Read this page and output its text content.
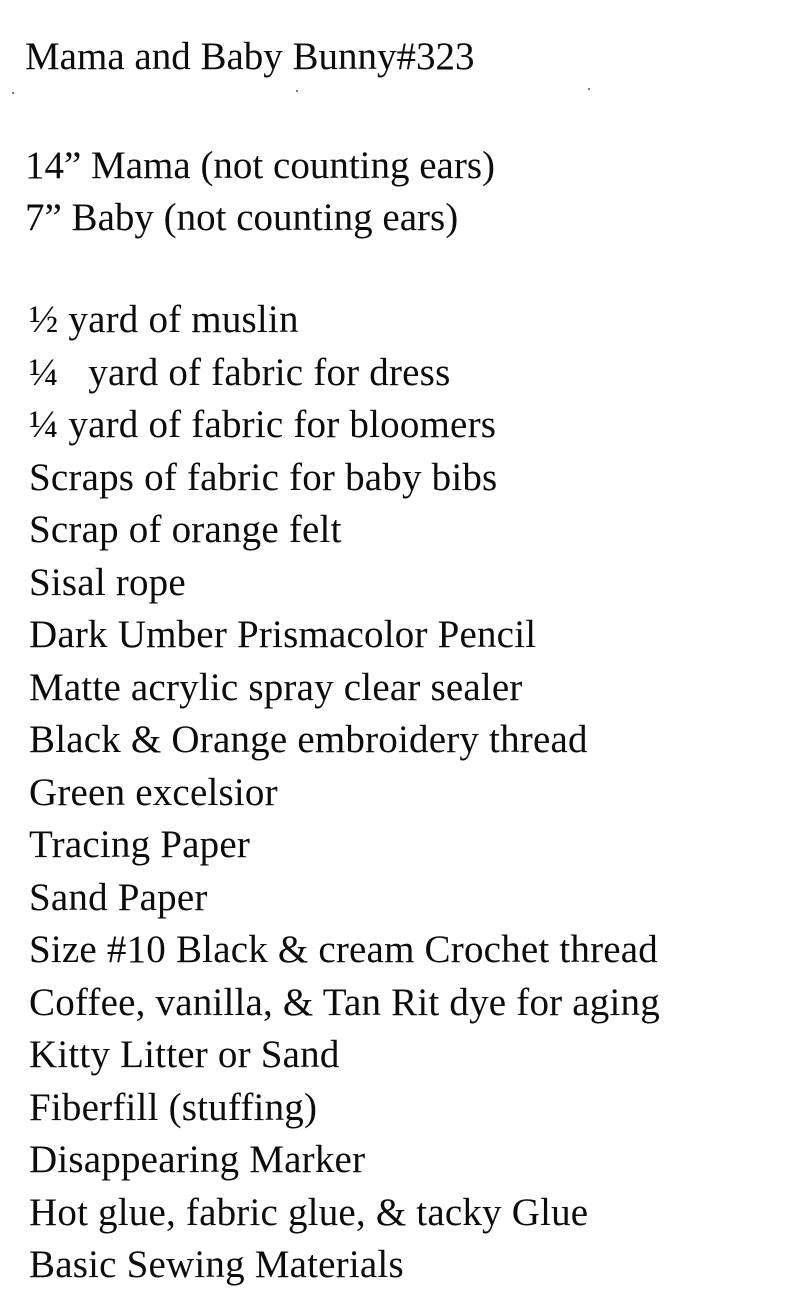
Mama and Baby Bunny#323
14” Mama (not counting ears)
7” Baby (not counting ears)
½ yard of muslin
¼   yard of fabric for dress
¼ yard of fabric for bloomers
Scraps of fabric for baby bibs
Scrap of orange felt
Sisal rope
Dark Umber Prismacolor Pencil
Matte acrylic spray clear sealer
Black & Orange embroidery thread
Green excelsior
Tracing Paper
Sand Paper
Size #10 Black & cream Crochet thread
Coffee, vanilla, & Tan Rit dye for aging
Kitty Litter or Sand
Fiberfill (stuffing)
Disappearing Marker
Hot glue, fabric glue, & tacky Glue
Basic Sewing Materials
